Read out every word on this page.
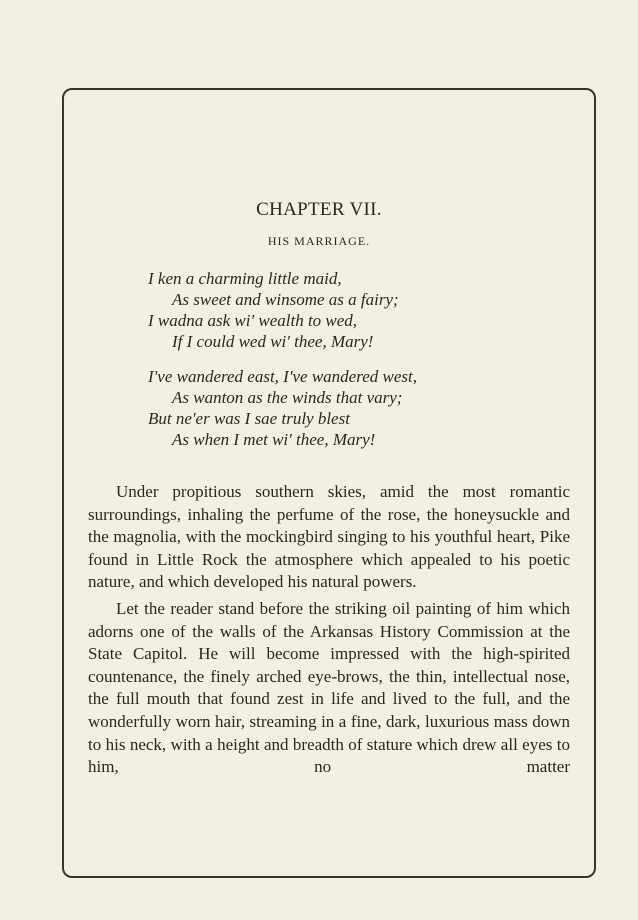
CHAPTER VII.
HIS MARRIAGE.
I ken a charming little maid,
As sweet and winsome as a fairy;
I wadna ask wi' wealth to wed,
If I could wed wi' thee, Mary!
I've wandered east, I've wandered west,
As wanton as the winds that vary;
But ne'er was I sae truly blest
As when I met wi' thee, Mary!

Under propitious southern skies, amid the most romantic surroundings, inhaling the perfume of the rose, the honeysuckle and the magnolia, with the mockingbird singing to his youthful heart, Pike found in Little Rock the atmosphere which appealed to his poetic nature, and which developed his natural powers.

Let the reader stand before the striking oil painting of him which adorns one of the walls of the Arkansas History Commission at the State Capitol. He will become impressed with the high-spirited countenance, the finely arched eye-brows, the thin, intellectual nose, the full mouth that found zest in life and lived to the full, and the wonderfully worn hair, streaming in a fine, dark, luxurious mass down to his neck, with a height and breadth of stature which drew all eyes to him, no matter
